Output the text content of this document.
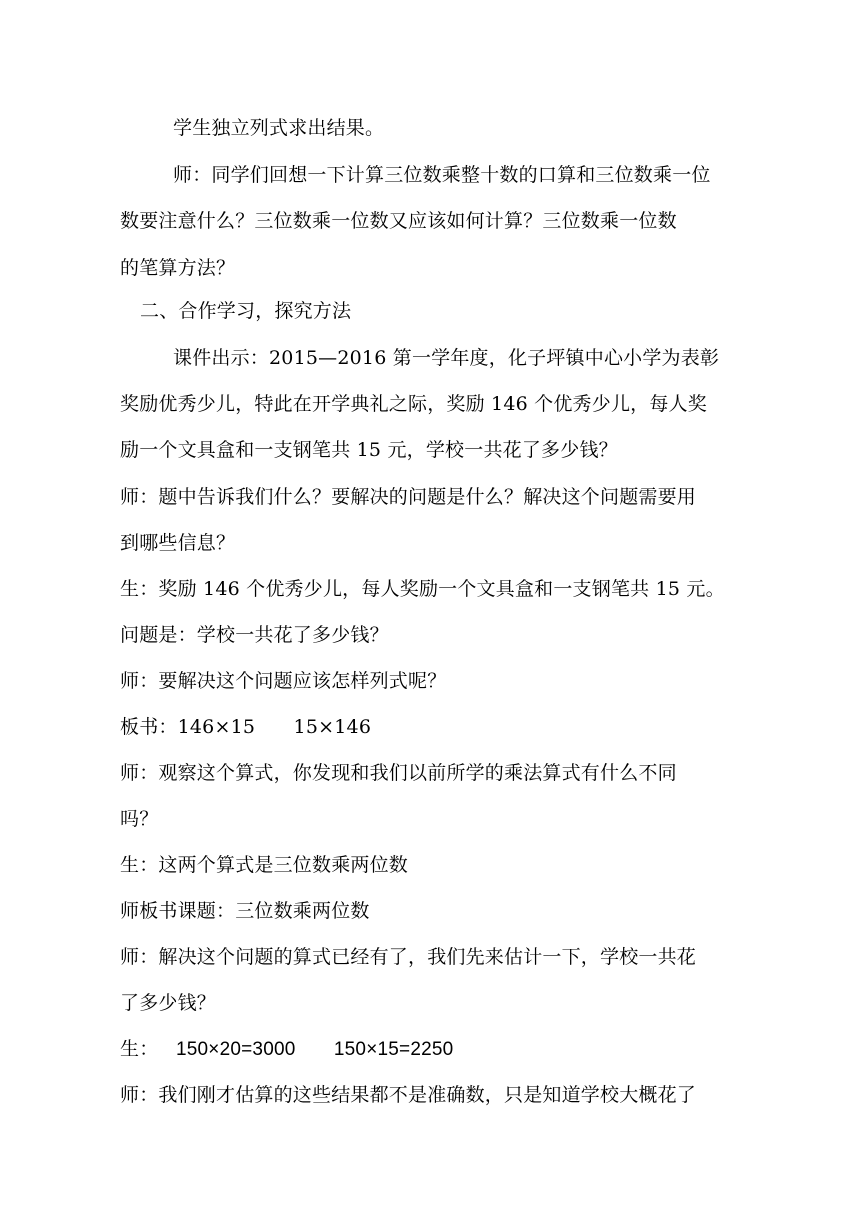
学生独立列式求出结果。
师：同学们回想一下计算三位数乘整十数的口算和三位数乘一位
数要注意什么？三位数乘一位数又应该如何计算？三位数乘一位数
的笔算方法？
二、合作学习，探究方法
课件出示：2015—2016 第一学年度，化子坪镇中心小学为表彰
奖励优秀少儿，特此在开学典礼之际，奖励 146 个优秀少儿，每人奖
励一个文具盒和一支钢笔共 15 元，学校一共花了多少钱？
师：题中告诉我们什么？要解决的问题是什么？解决这个问题需要用
到哪些信息？
生：奖励 146 个优秀少儿，每人奖励一个文具盒和一支钢笔共 15 元。
问题是：学校一共花了多少钱？
师：要解决这个问题应该怎样列式呢？
板书：146×15　　15×146
师：观察这个算式，你发现和我们以前所学的乘法算式有什么不同
吗？
生：这两个算式是三位数乘两位数
师板书课题：三位数乘两位数
师：解决这个问题的算式已经有了，我们先来估计一下，学校一共花
了多少钱？
生： 150×20=3000　　150×15=2250
师：我们刚才估算的这些结果都不是准确数，只是知道学校大概花了
